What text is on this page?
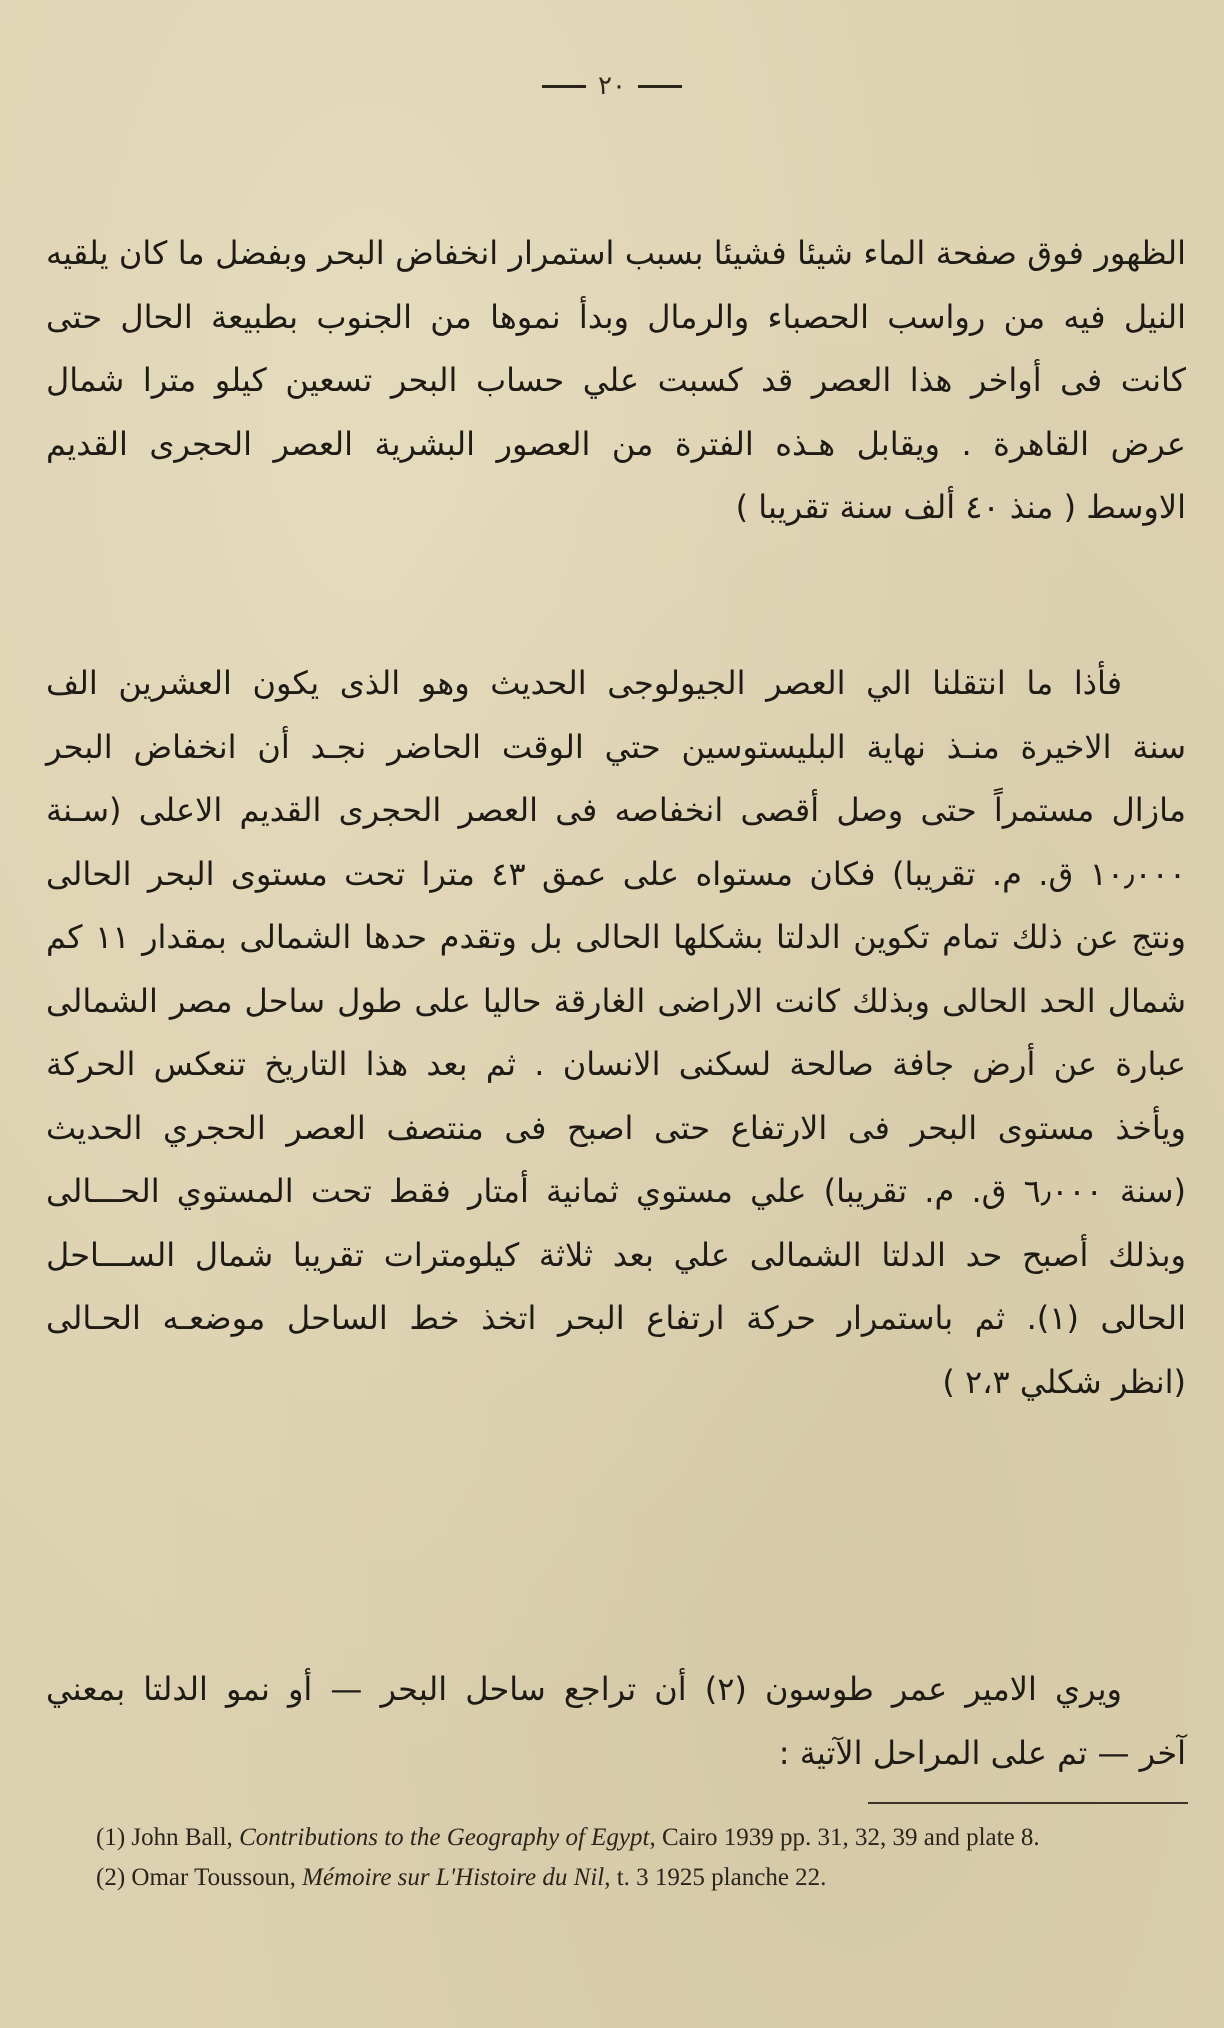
٢٠
الظهور فوق صفحة الماء شيئا فشيئا بسبب استمرار انخفاض البحر وبفضل ما كان يلقيه
النيل فيه من رواسب الحصباء والرمال وبدأ نموها من الجنوب بطبيعة الحال حتى
كانت فى أواخر هذا العصر قد كسبت علي حساب البحر تسعين كيلو مترا شمال
عرض القاهرة . ويقابل هـذه الفترة من العصور البشرية العصر الحجرى القديم
الاوسط ( منذ ٤٠ ألف سنة تقريبا )
فأذا ما انتقلنا الي العصر الجيولوجى الحديث وهو الذى يكون العشرين الف
سنة الاخيرة منـذ نهاية البليستوسين حتي الوقت الحاضر نجـد أن انخفاض البحر
مازال مستمراً حتى وصل أقصى انخفاصه فى العصر الحجرى القديم الاعلى (سـنة
١٠٫٠٠٠ ق. م. تقريبا) فكان مستواه على عمق ٤٣ مترا تحت مستوى البحر الحالى
ونتج عن ذلك تمام تكوين الدلتا بشكلها الحالى بل وتقدم حدها الشمالى بمقدار ١١ كم
شمال الحد الحالى وبذلك كانت الاراضى الغارقة حاليا على طول ساحل مصر الشمالى
عبارة عن أرض جافة صالحة لسكنى الانسان . ثم بعد هذا التاريخ تنعكس الحركة
ويأخذ مستوى البحر فى الارتفاع حتى اصبح فى منتصف العصر الحجري الحديث
(سنة ٦٫٠٠٠ ق. م. تقريبا) علي مستوي ثمانية أمتار فقط تحت المستوي الحـــالى
وبذلك أصبح حد الدلتا الشمالى علي بعد ثلاثة كيلومترات تقريبا شمال الســـاحل
الحالى (١). ثم باستمرار حركة ارتفاع البحر اتخذ خط الساحل موضعـه الحـالى
(انظر شكلي ٢،٣ )
ويري الامير عمر طوسون (٢) أن تراجع ساحل البحر — أو نمو الدلتا بمعني
آخر — تم على المراحل الآتية :

(1) John Ball, Contributions to the Geography of Egypt, Cairo 1939 pp. 31, 32, 39 and plate 8.

(2) Omar Toussoun, Mémoire sur L'Histoire du Nil, t. 3 1925 planche 22.
